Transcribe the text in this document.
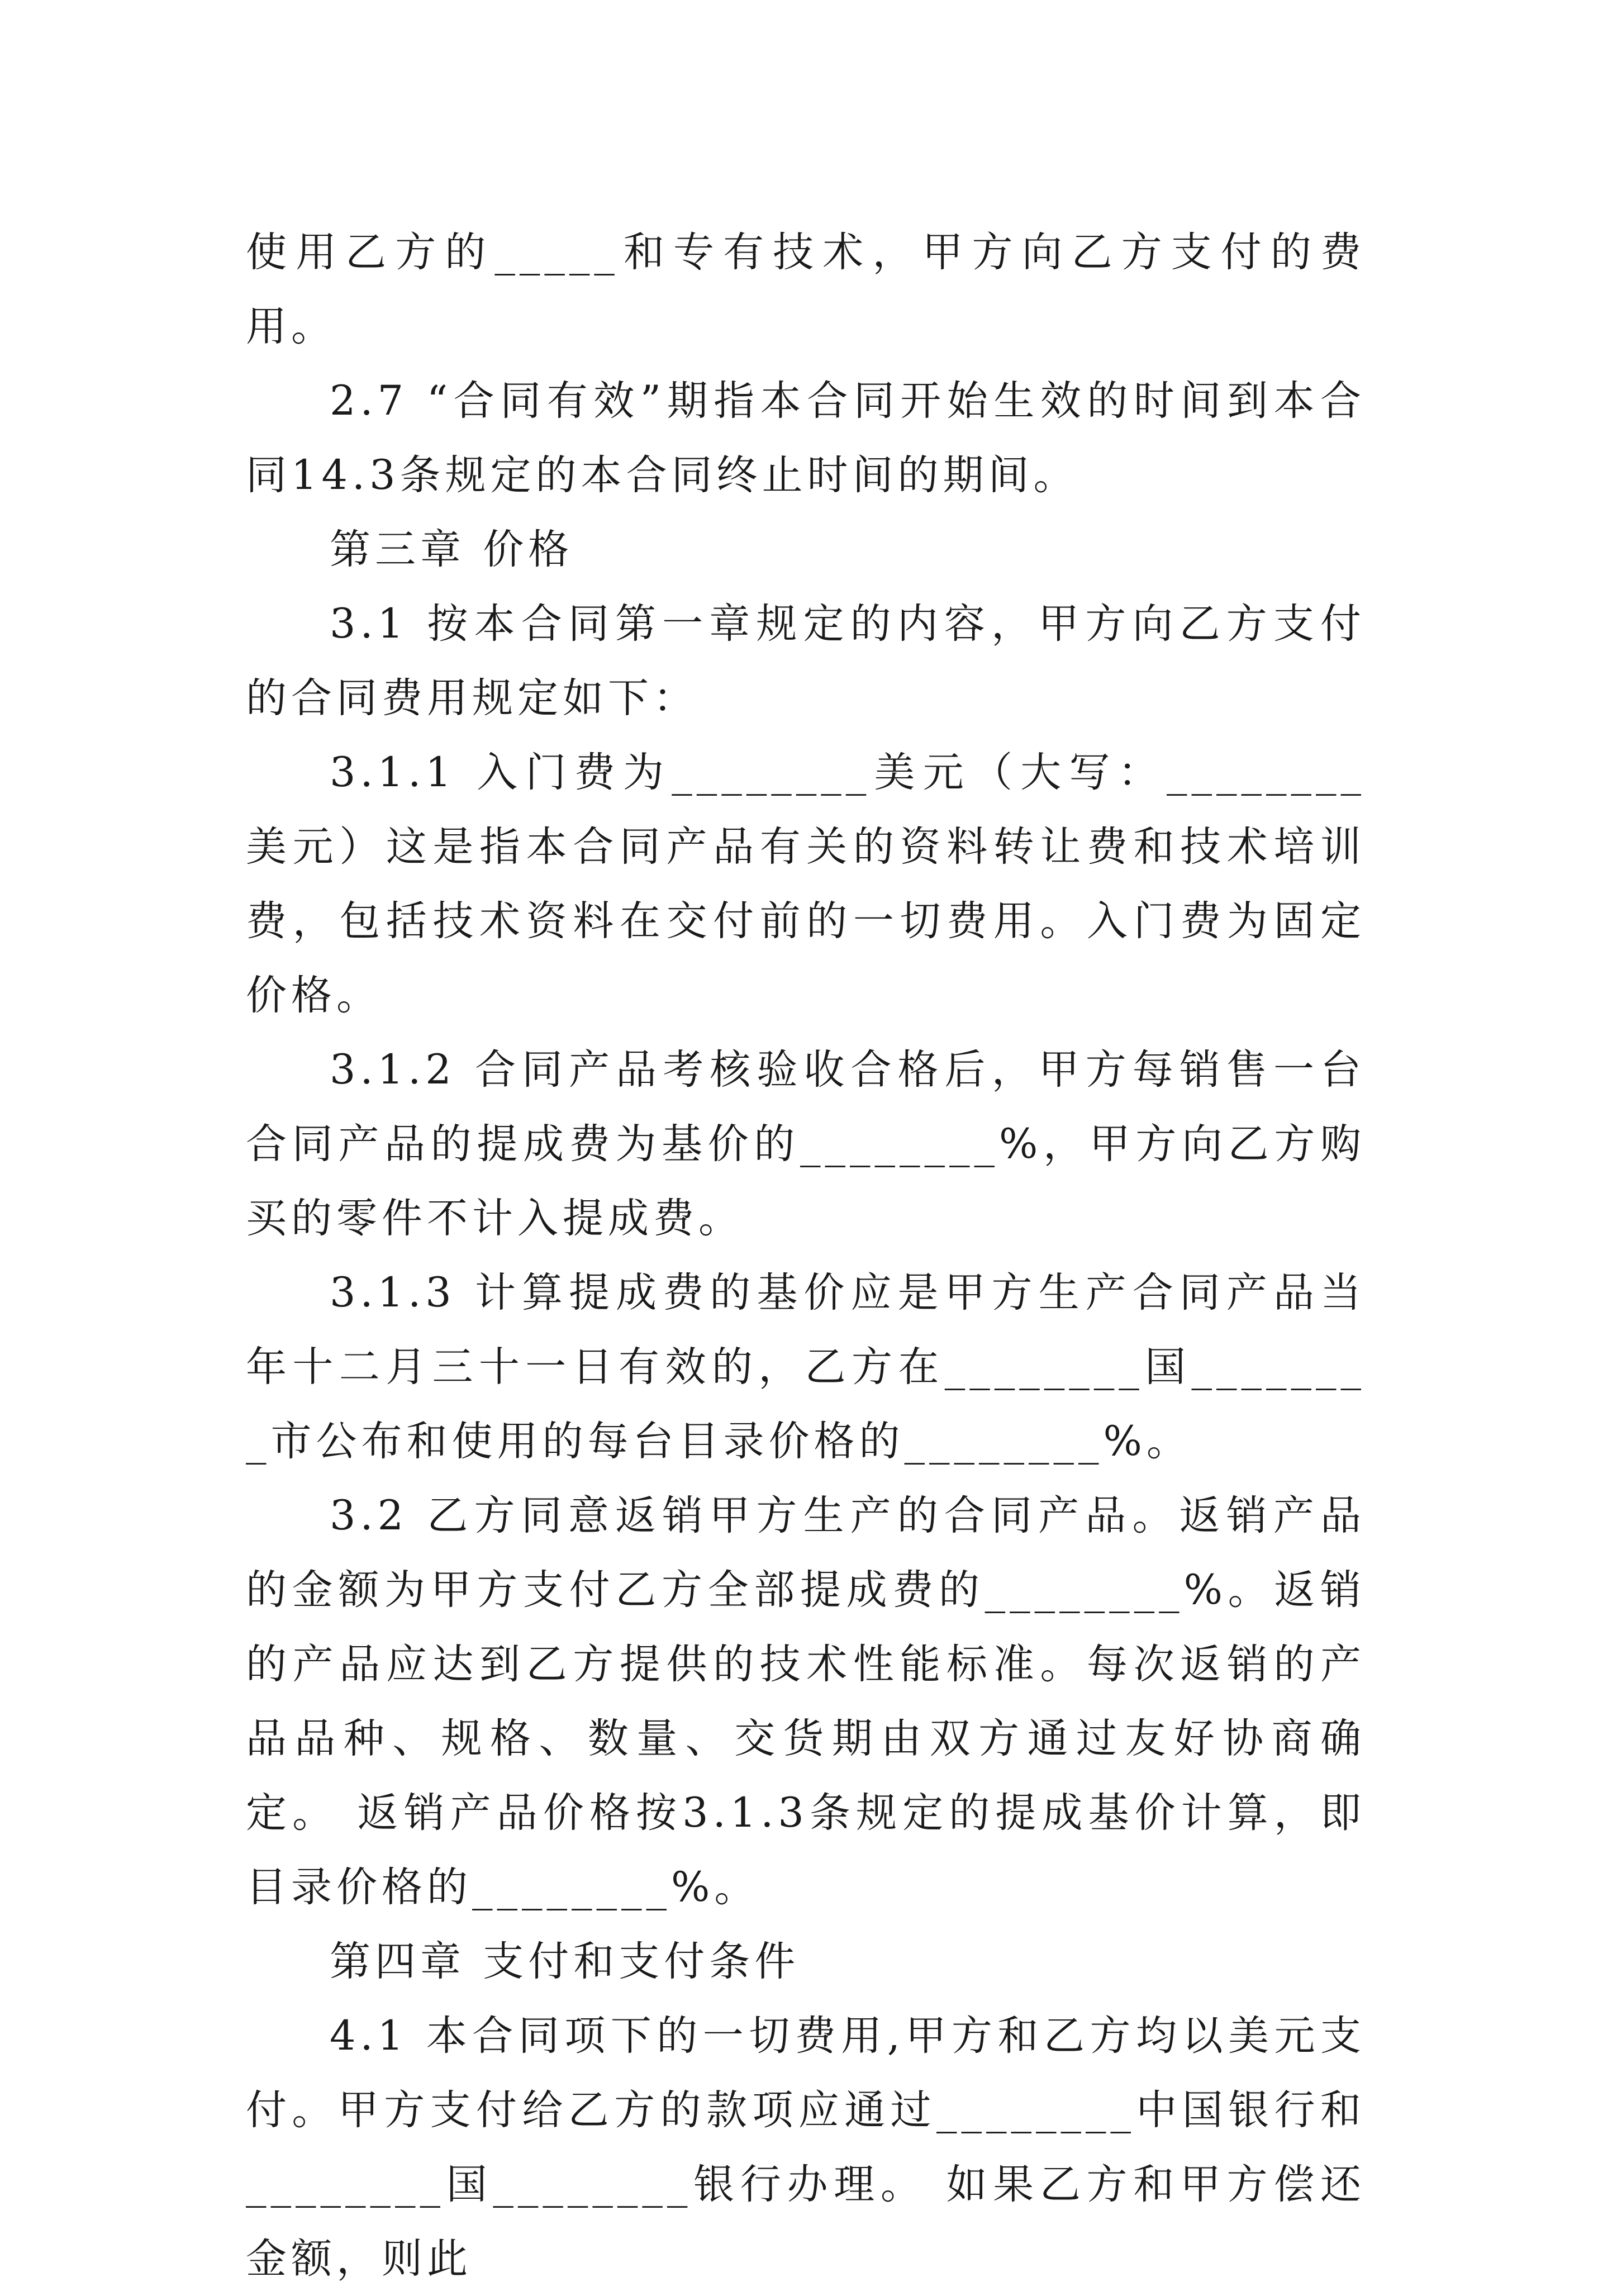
使用乙方的_____和专有技术，甲方向乙方支付的费用。

2.7 “合同有效”期指本合同开始生效的时间到本合同14.3条规定的本合同终止时间的期间。

第三章 价格

3.1 按本合同第一章规定的内容，甲方向乙方支付的合同费用规定如下：

3.1.1 入门费为________美元（大写：________美元）这是指本合同产品有关的资料转让费和技术培训费，包括技术资料在交付前的一切费用。入门费为固定价格。

3.1.2 合同产品考核验收合格后，甲方每销售一台合同产品的提成费为基价的________%，甲方向乙方购买的零件不计入提成费。

3.1.3 计算提成费的基价应是甲方生产合同产品当年十二月三十一日有效的，乙方在________国________市公布和使用的每台目录价格的________%。

3.2 乙方同意返销甲方生产的合同产品。返销产品的金额为甲方支付乙方全部提成费的________%。返销的产品应达到乙方提供的技术性能标准。每次返销的产品品种、规格、数量、交货期由双方通过友好协商确定。 返销产品价格按3.1.3条规定的提成基价计算，即目录价格的________%。

第四章 支付和支付条件

4.1 本合同项下的一切费用,甲方和乙方均以美元支付。甲方支付给乙方的款项应通过________中国银行和________国________银行办理。 如果乙方和甲方偿还金额，则此
